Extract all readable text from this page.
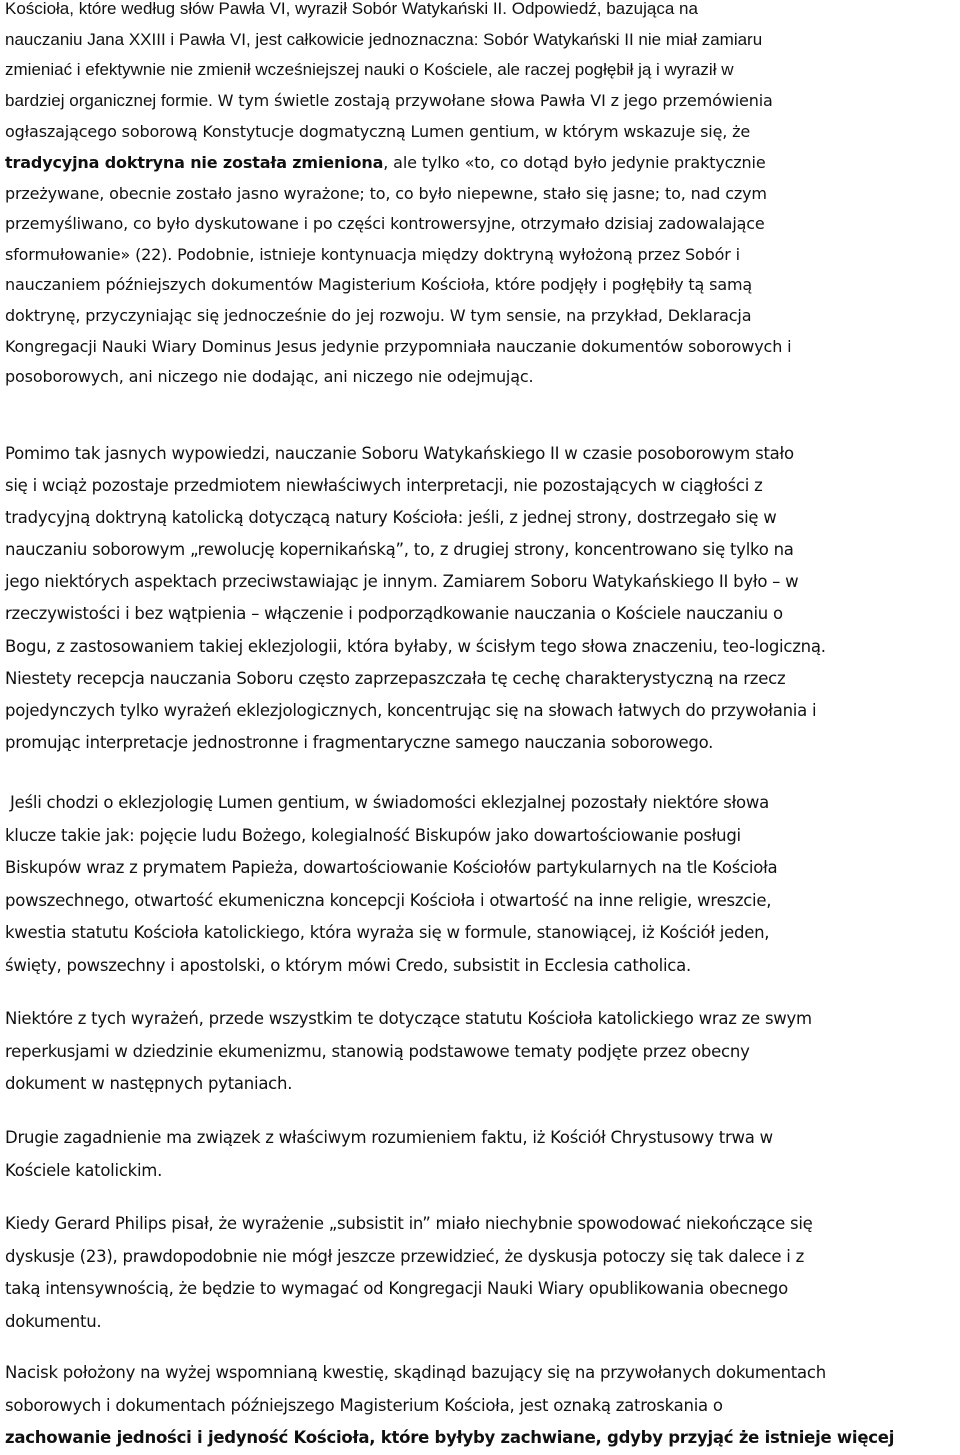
Kościoła, które według słów Pawła VI, wyraził Sobór Watykański II. Odpowiedź, bazująca na
nauczaniu Jana XXIII i Pawła VI, jest całkowicie jednoznaczna: Sobór Watykański II nie miał zamiaru
zmieniać i efektywnie nie zmienił wcześniejszej nauki o Kościele, ale raczej pogłębił ją i wyraził w
bardziej organicznej formie. W tym świetle zostają przywołane słowa Pawła VI z jego przemówienia
ogłaszającego soborową Konstytucje dogmatyczną Lumen gentium, w którym wskazuje się, że
tradycyjna doktryna nie została zmieniona, ale tylko «to, co dotąd było jedynie praktycznie
przeżywane, obecnie zostało jasno wyrażone; to, co było niepewne, stało się jasne; to, nad czym
przemyśliwano, co było dyskutowane i po części kontrowersyjne, otrzymało dzisiaj zadowalające
sformułowanie» (22). Podobnie, istnieje kontynuacja między doktryną wyłożoną przez Sobór i
nauczaniem późniejszych dokumentów Magisterium Kościoła, które podjęły i pogłębiły tą samą
doktrynę, przyczyniając się jednocześnie do jej rozwoju. W tym sensie, na przykład, Deklaracja
Kongregacji Nauki Wiary Dominus Jesus jedynie przypomniała nauczanie dokumentów soborowych i
posoborowych, ani niczego nie dodając, ani niczego nie odejmując.

Pomimo tak jasnych wypowiedzi, nauczanie Soboru Watykańskiego II w czasie posoborowym stało
się i wciąż pozostaje przedmiotem niewłaściwych interpretacji, nie pozostających w ciągłości z
tradycyjną doktryną katolicką dotyczącą natury Kościoła: jeśli, z jednej strony, dostrzegało się w
nauczaniu soborowym „rewolucję kopernikańską”, to, z drugiej strony, koncentrowano się tylko na
jego niektórych aspektach przeciwstawiając je innym. Zamiarem Soboru Watykańskiego II było – w
rzeczywistości i bez wątpienia – włączenie i podporządkowanie nauczania o Kościele nauczaniu o
Bogu, z zastosowaniem takiej eklezjologii, która byłaby, w ścisłym tego słowa znaczeniu, teo-logiczną.
Niestety recepcja nauczania Soboru często zaprzepaszczała tę cechę charakterystyczną na rzecz
pojedynczych tylko wyrażeń eklezjologicznych, koncentrując się na słowach łatwych do przywołania i
promując interpretacje jednostronne i fragmentaryczne samego nauczania soborowego.

Jeśli chodzi o eklezjologię Lumen gentium, w świadomości eklezjalnej pozostały niektóre słowa
klucze takie jak: pojęcie ludu Bożego, kolegialność Biskupów jako dowartościowanie posługi
Biskupów wraz z prymatem Papieża, dowartościowanie Kościołów partykularnych na tle Kościoła
powszechnego, otwartość ekumeniczna koncepcji Kościoła i otwartość na inne religie, wreszcie,
kwestia statutu Kościoła katolickiego, która wyraża się w formule, stanowiącej, iż Kościół jeden,
święty, powszechny i apostolski, o którym mówi Credo, subsistit in Ecclesia catholica.

Niektóre z tych wyrażeń, przede wszystkim te dotyczące statutu Kościoła katolickiego wraz ze swym
reperkusjami w dziedzinie ekumenizmu, stanowią podstawowe tematy podjęte przez obecny
dokument w następnych pytaniach.

Drugie zagadnienie ma związek z właściwym rozumieniem faktu, iż Kościół Chrystusowy trwa w
Kościele katolickim.

Kiedy Gerard Philips pisał, że wyrażenie „subsistit in” miało niechybnie spowodować niekończące się
dyskusje (23), prawdopodobnie nie mógł jeszcze przewidzieć, że dyskusja potoczy się tak dalece i z
taką intensywnością, że będzie to wymagać od Kongregacji Nauki Wiary opublikowania obecnego
dokumentu.

Nacisk położony na wyżej wspomnianą kwestię, skądinąd bazujący się na przywołanych dokumentach
soborowych i dokumentach późniejszego Magisterium Kościoła, jest oznaką zatroskania o
zachowanie jedności i jedyność Kościoła, które byłyby zachwiane, gdyby przyjąć że istnieje więcej
